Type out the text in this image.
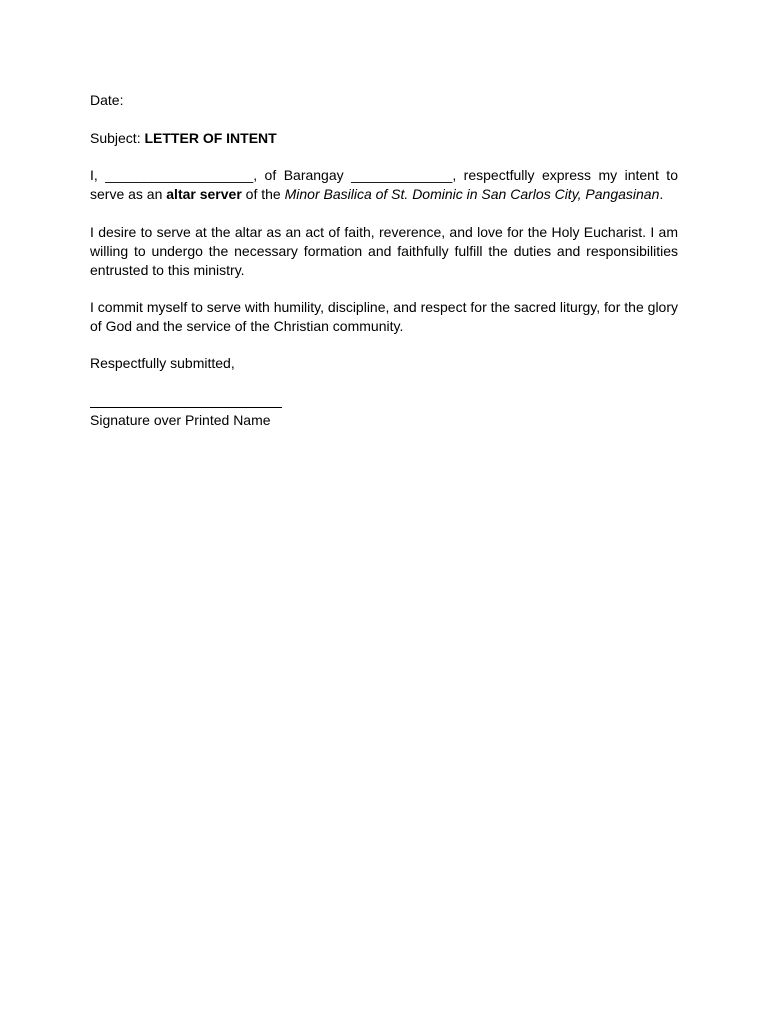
Date:
Subject: LETTER OF INTENT
I, ___________________, of Barangay _____________, respectfully express my intent to serve as an altar server of the Minor Basilica of St. Dominic in San Carlos City, Pangasinan.
I desire to serve at the altar as an act of faith, reverence, and love for the Holy Eucharist. I am willing to undergo the necessary formation and faithfully fulfill the duties and responsibilities entrusted to this ministry.
I commit myself to serve with humility, discipline, and respect for the sacred liturgy, for the glory of God and the service of the Christian community.
Respectfully submitted,
Signature over Printed Name
